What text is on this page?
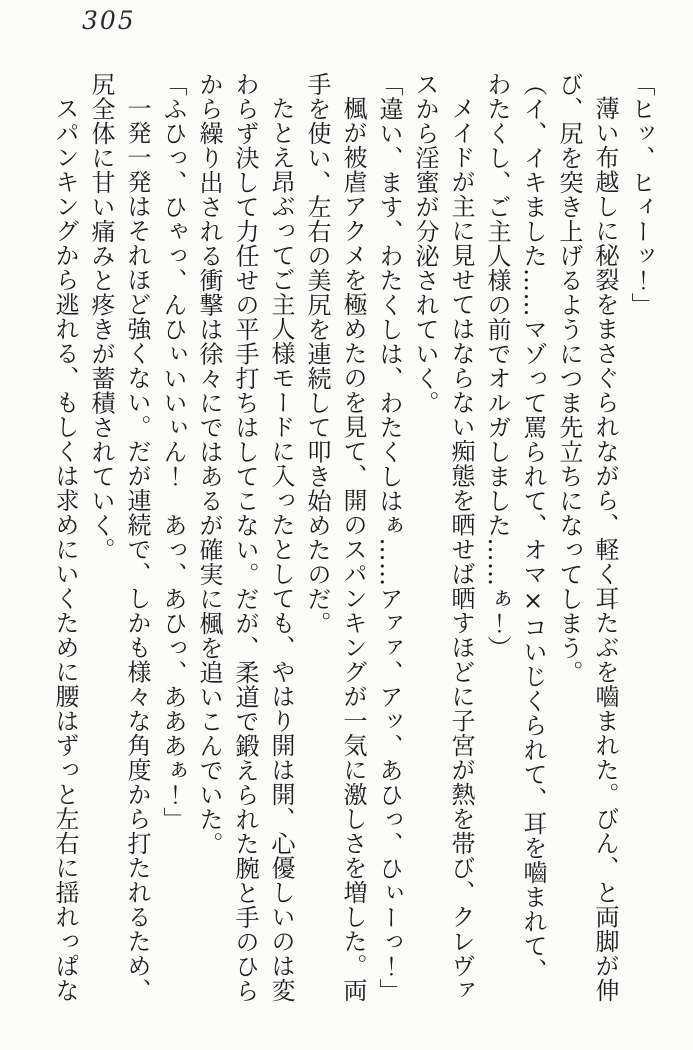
305

「ヒッ、ヒィーッ！」

薄い布越しに秘裂をまさぐられながら、軽く耳たぶを嚙まれた。びん、と両脚が伸び、尻を突き上げるようにつま先立ちになってしまう。

（イ、イキました……マゾって罵られて、オマ×コいじくられて、耳を嚙まれて、わたくし、ご主人様の前でオルガしました……ぁ！）

メイドが主に見せてはならない痴態を晒せば晒すほどに子宮が熱を帯び、クレヴァスから淫蜜が分泌されていく。

「違い、ます、わたくしは、わたくしはぁ……アァァ、アッ、あひっ、ひぃーっ！」

楓が被虐アクメを極めたのを見て、開のスパンキングが一気に激しさを増した。両手を使い、左右の美尻を連続して叩き始めたのだ。

たとえ昂ぶってご主人様モードに入ったとしても、やはり開は開、心優しいのは変わらず決して力任せの平手打ちはしてこない。だが、柔道で鍛えられた腕と手のひらから繰り出される衝撃は徐々にではあるが確実に楓を追いこんでいた。

「ふひっ、ひゃっ、んひぃいいぃん！　あっ、あひっ、あああぁ！」

一発一発はそれほど強くない。だが連続で、しかも様々な角度から打たれるため、尻全体に甘い痛みと疼きが蓄積されていく。

スパンキングから逃れる、もしくは求めにいくために腰はずっと左右に揺れっぱな
